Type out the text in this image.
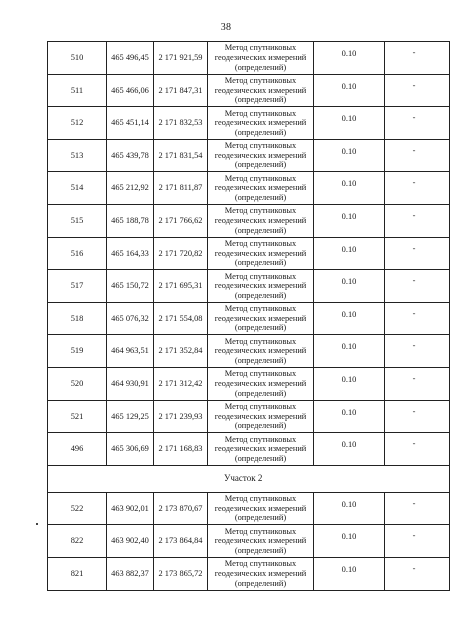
38
510	465 496,45	2 171 921,59	Метод спутниковых
геодезических измерений
(определений)	0.10	-
511	465 466,06	2 171 847,31	Метод спутниковых
геодезических измерений
(определений)	0.10	-
512	465 451,14	2 171 832,53	Метод спутниковых
геодезических измерений
(определений)	0.10	-
513	465 439,78	2 171 831,54	Метод спутниковых
геодезических измерений
(определений)	0.10	-
514	465 212,92	2 171 811,87	Метод спутниковых
геодезических измерений
(определений)	0.10	-
515	465 188,78	2 171 766,62	Метод спутниковых
геодезических измерений
(определений)	0.10	-
516	465 164,33	2 171 720,82	Метод спутниковых
геодезических измерений
(определений)	0.10	-
517	465 150,72	2 171 695,31	Метод спутниковых
геодезических измерений
(определений)	0.10	-
518	465 076,32	2 171 554,08	Метод спутниковых
геодезических измерений
(определений)	0.10	-
519	464 963,51	2 171 352,84	Метод спутниковых
геодезических измерений
(определений)	0.10	-
520	464 930,91	2 171 312,42	Метод спутниковых
геодезических измерений
(определений)	0.10	-
521	465 129,25	2 171 239,93	Метод спутниковых
геодезических измерений
(определений)	0.10	-
496	465 306,69	2 171 168,83	Метод спутниковых
геодезических измерений
(определений)	0.10	-
Участок 2					
522	463 902,01	2 173 870,67	Метод спутниковых
геодезических измерений
(определений)	0.10	-
822	463 902,40	2 173 864,84	Метод спутниковых
геодезических измерений
(определений)	0.10	-
821	463 882,37	2 173 865,72	Метод спутниковых
геодезических измерений
(определений)	0.10	-
